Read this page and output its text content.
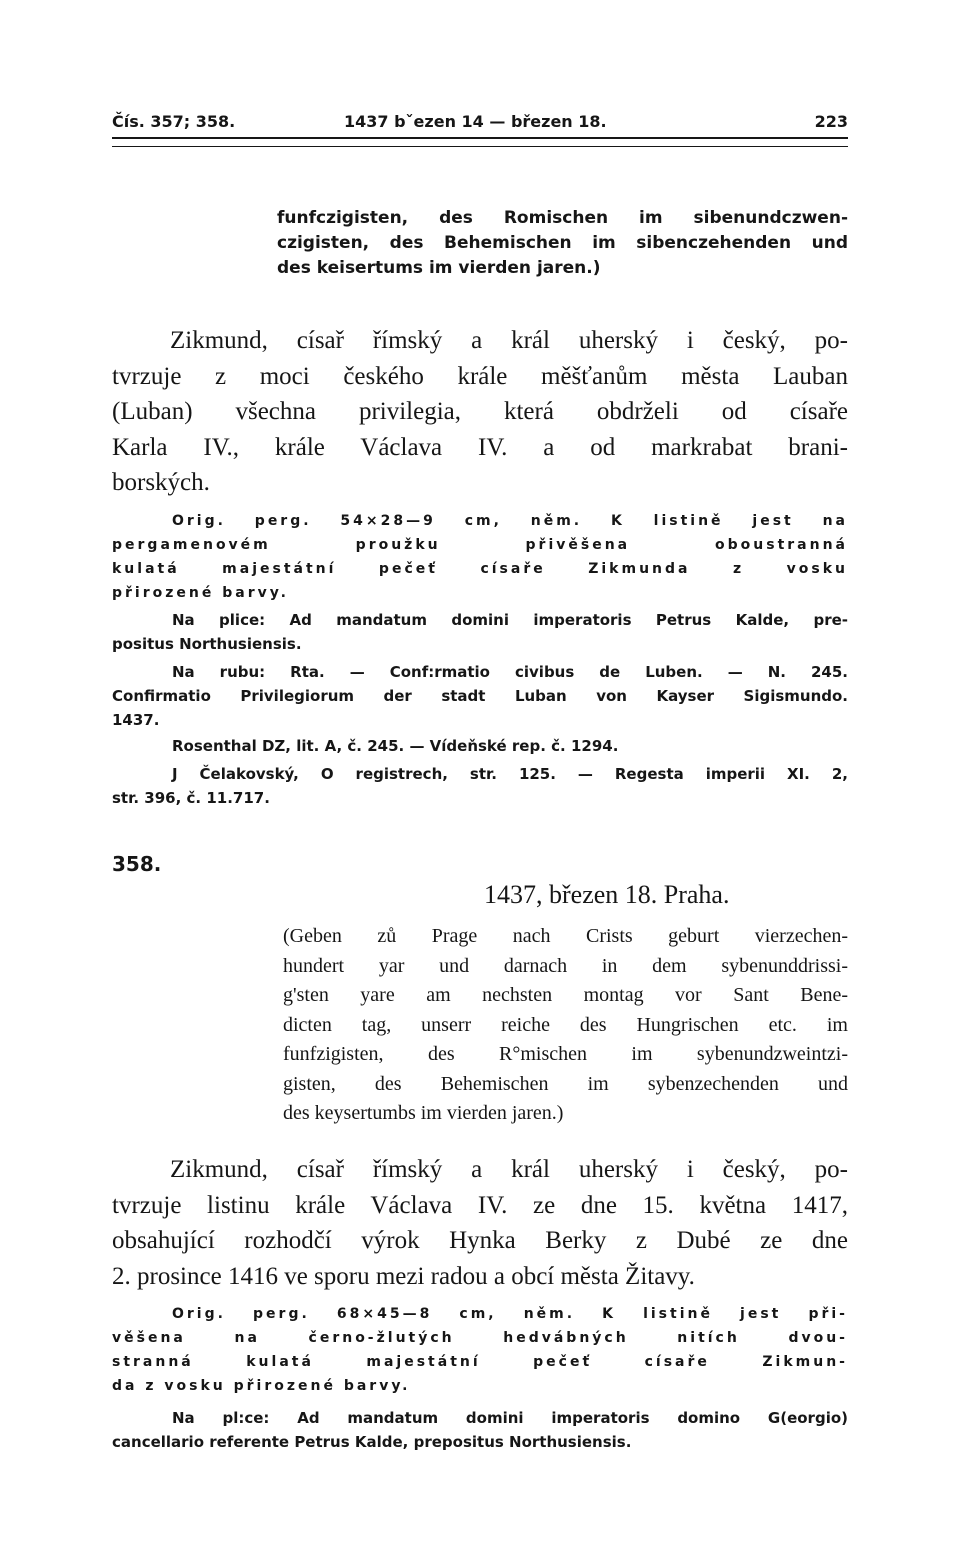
Čís. 357; 358.	1437 bˇezen 14 — březen 18.	223
funfczigisten, des Romischen im sibenundczwen-
czigisten, des Behemischen im sibenczehenden und
des keisertums im vierden jaren.)
Zikmund, císař římský a král uherský i český, po-
tvrzuje z moci českého krále měšťanům města Lauban
(Luban) všechna privilegia, která obdrželi od císaře
Karla IV., krále Václava IV. a od markrabat brani-
borských.
Orig. perg. 54×28—9 cm, něm. K listině jest na
pergamenovém proužku přivěšena oboustranná
kulatá majestátní pečeť císaře Zikmunda z vosku
přirozené barvy.
Na plice: Ad mandatum domini imperatoris Petrus Kalde, pre-
positus Northusiensis.
Na rubu: Rta. — Conf:rmatio civibus de Luben. — N. 245.
Confirmatio Privilegiorum der stadt Luban von Kayser Sigismundo.
1437.
Rosenthal DZ, lit. A, č. 245. — Vídeňské rep. č. 1294.
J Čelakovský, O registrech, str. 125. — Regesta imperii XI. 2,
str. 396, č. 11.717.
358.
1437, březen 18. Praha.
(Geben zů Prage nach Crists geburt vierzechen-
hundert yar und darnach in dem sybenunddrissi-
g'sten yare am nechsten montag vor Sant Bene-
dicten tag, unserr reiche des Hungrischen etc. im
funfzigisten, des R°mischen im sybenundzweintzi-
gisten, des Behemischen im sybenzechenden und
des keysertumbs im vierden jaren.)
Zikmund, císař římský a král uherský i český, po-
tvrzuje listinu krále Václava IV. ze dne 15. května 1417,
obsahující rozhodčí výrok Hynka Berky z Dubé ze dne
2. prosince 1416 ve sporu mezi radou a obcí města Žitavy.
Orig. perg. 68×45—8 cm, něm. K listině jest při-
věšena na černo-žlutých hedvábných nitích dvou-
stranná kulatá majestátní pečeť císaře Zikmun-
da z vosku přirozené barvy.
Na pl:ce: Ad mandatum domini imperatoris domino G(eorgio)
cancellario referente Petrus Kalde, prepositus Northusiensis.
